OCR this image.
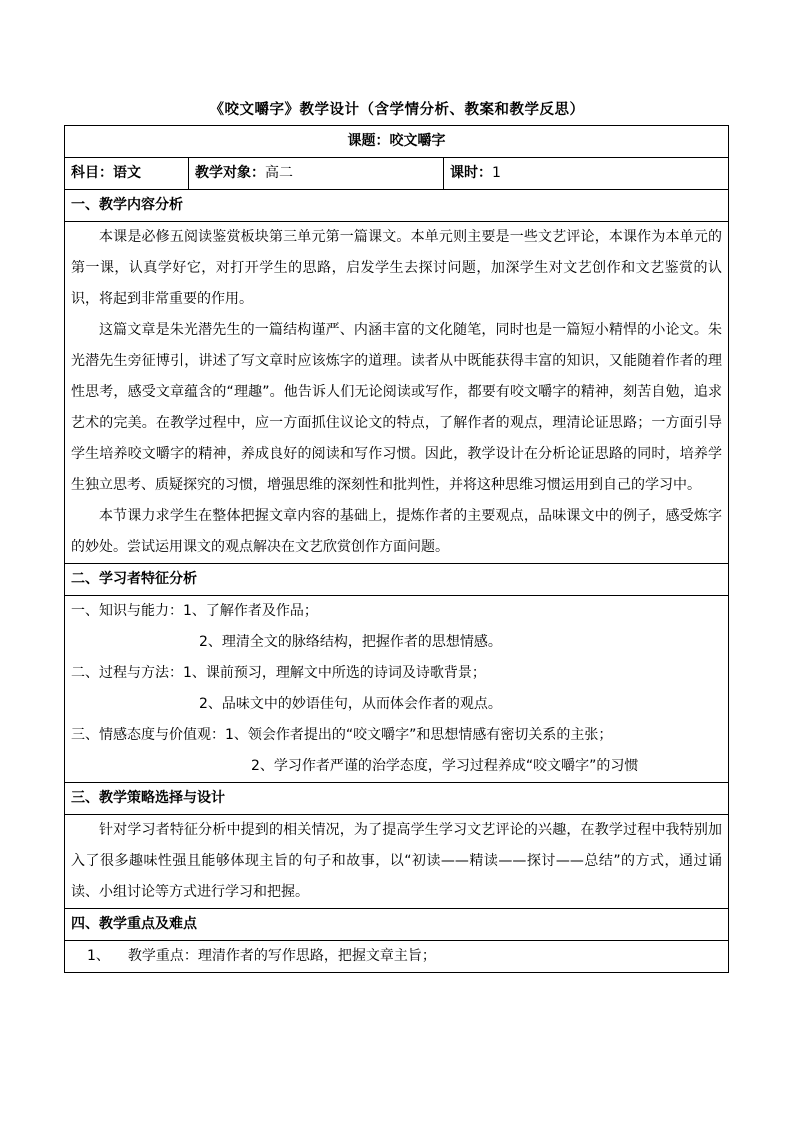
《咬文嚼字》教学设计（含学情分析、教案和教学反思）
课题：咬文嚼字
科目：语文	教学对象：高二	课时：1
一、教学内容分析

本课是必修五阅读鉴赏板块第三单元第一篇课文。本单元则主要是一些文艺评论，本课作为本单元的第一课，认真学好它，对打开学生的思路，启发学生去探讨问题，加深学生对文艺创作和文艺鉴赏的认识，将起到非常重要的作用。

这篇文章是朱光潜先生的一篇结构谨严、内涵丰富的文化随笔，同时也是一篇短小精悍的小论文。朱光潜先生旁征博引，讲述了写文章时应该炼字的道理。读者从中既能获得丰富的知识，又能随着作者的理性思考，感受文章蕴含的“理趣”。他告诉人们无论阅读或写作，都要有咬文嚼字的精神，刻苦自勉，追求艺术的完美。在教学过程中，应一方面抓住议论文的特点，了解作者的观点，理清论证思路；一方面引导学生培养咬文嚼字的精神，养成良好的阅读和写作习惯。因此，教学设计在分析论证思路的同时，培养学生独立思考、质疑探究的习惯，增强思维的深刻性和批判性，并将这种思维习惯运用到自己的学习中。

本节课力求学生在整体把握文章内容的基础上，提炼作者的主要观点，品味课文中的例子，感受炼字的妙处。尝试运用课文的观点解决在文艺欣赏创作方面问题。

二、学习者特征分析

一、知识与能力：1、了解作者及作品；

2、理清全文的脉络结构，把握作者的思想情感。

二、过程与方法：1、课前预习，理解文中所选的诗词及诗歌背景；

2、品味文中的妙语佳句，从而体会作者的观点。

三、情感态度与价值观：1、领会作者提出的“咬文嚼字”和思想情感有密切关系的主张；

2、学习作者严谨的治学态度，学习过程养成“咬文嚼字”的习惯

三、教学策略选择与设计

针对学习者特征分析中提到的相关情况，为了提高学生学习文艺评论的兴趣，在教学过程中我特别加入了很多趣味性强且能够体现主旨的句子和故事，以“初读——精读——探讨——总结”的方式，通过诵读、小组讨论等方式进行学习和把握。

四、教学重点及难点

1、 教学重点：理清作者的写作思路，把握文章主旨；
